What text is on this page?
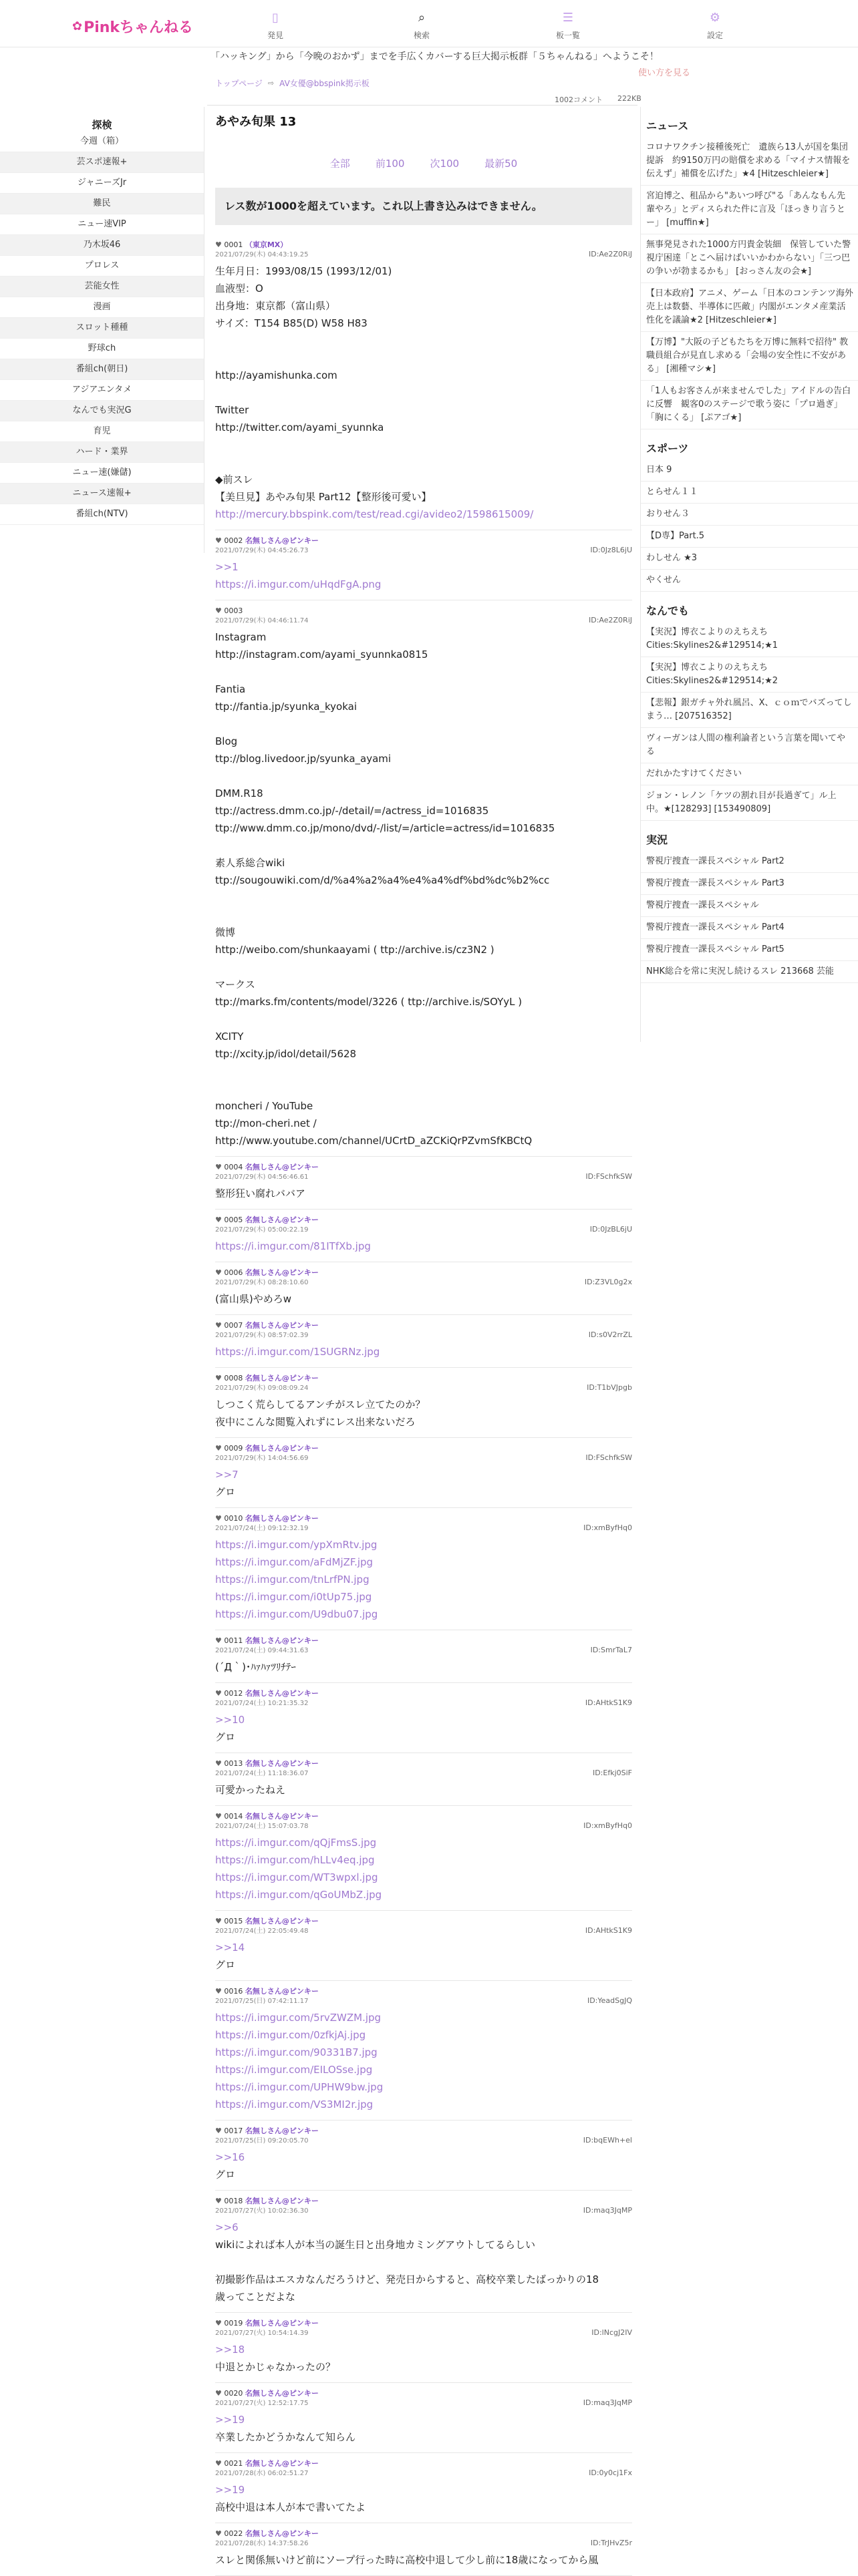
✿ Pinkちゃんねる
▯
発見
⌕
検索
☰
板一覧
⚙
設定
「ハッキング」から「今晩のおかず」までを手広くカバーする巨大掲示板群「５ちゃんねる」へようこそ！
使い方を見る
トップページ ⇨ AV女優@bbspink掲示板
1002コメント 222KB
探検
今週（箱）
芸スポ速報+
ジャニーズJr
難民
ニュー速VIP
乃木坂46
プロレス
芸能女性
漫画
スロット種種
野球ch
番組ch(朝日)
アジアエンタメ
なんでも実況G
育児
ハード・業界
ニュー速(嫌儲)
ニュース速報+
番組ch(NTV)
あやみ旬果 13
全部	前100	次100	最新50
レス数が1000を超えています。これ以上書き込みはできません。
♥ 0001 （東京MX）
2021/07/29(木) 04:43:19.25	ID:Ae2Z0RiJ
生年月日：1993/08/15 (1993/12/01)
血液型：O
出身地：東京都（富山県）
サイズ：T154 B85(D) W58 H83
http://ayamishunka.com
Twitter
http://twitter.com/ayami_syunnka
◆前スレ
【美旦見】あやみ旬果 Part12【整形後可愛い】
http://mercury.bbspink.com/test/read.cgi/avideo2/1598615009/
♥ 0002 名無しさん@ピンキー
2021/07/29(木) 04:45:26.73	ID:0Jz8L6jU
>>1
https://i.imgur.com/uHqdFgA.png
♥ 0003
2021/07/29(木) 04:46:11.74	ID:Ae2Z0RiJ
Instagram
http://instagram.com/ayami_syunnka0815
Fantia
ttp://fantia.jp/syunka_kyokai
Blog
ttp://blog.livedoor.jp/syunka_ayami
DMM.R18
ttp://actress.dmm.co.jp/-/detail/=/actress_id=1016835
ttp://www.dmm.co.jp/mono/dvd/-/list/=/article=actress/id=1016835
素人系総合wiki
ttp://sougouwiki.com/d/%a4%a2%a4%e4%a4%df%bd%dc%b2%cc
微博
http://weibo.com/shunkaayami ( ttp://archive.is/cz3N2 )
マークス
ttp://marks.fm/contents/model/3226 ( ttp://archive.is/SOYyL )
XCITY
ttp://xcity.jp/idol/detail/5628
moncheri / YouTube
ttp://mon-cheri.net /
http://www.youtube.com/channel/UCrtD_aZCKiQrPZvmSfKBCtQ
♥ 0004 名無しさん@ピンキー
2021/07/29(木) 04:56:46.61	ID:FSchfkSW
整形狂い腐れババア
♥ 0005 名無しさん@ピンキー
2021/07/29(木) 05:00:22.19	ID:0JzBL6jU
https://i.imgur.com/81ITfXb.jpg
♥ 0006 名無しさん@ピンキー
2021/07/29(木) 08:28:10.60	ID:Z3VL0g2x
(富山県)やめろw
♥ 0007 名無しさん@ピンキー
2021/07/29(木) 08:57:02.39	ID:s0V2rrZL
https://i.imgur.com/1SUGRNz.jpg
♥ 0008 名無しさん@ピンキー
2021/07/29(木) 09:08:09.24	ID:T1bVJpgb
しつこく荒らしてるアンチがスレ立てたのか？
夜中にこんな閲覧入れずにレス出来ないだろ
♥ 0009 名無しさん@ピンキー
2021/07/29(木) 14:04:56.69	ID:FSchfkSW
>>7
グロ
♥ 0010 名無しさん@ピンキー
2021/07/24(土) 09:12:32.19	ID:xmByfHq0
https://i.imgur.com/ypXmRtv.jpg
https://i.imgur.com/aFdMjZF.jpg
https://i.imgur.com/tnLrfPN.jpg
https://i.imgur.com/i0tUp75.jpg
https://i.imgur.com/U9dbu07.jpg
♥ 0011 名無しさん@ピンキー
2021/07/24(土) 09:44:31.63	ID:SmrTaL7
(´Д｀)･ﾊｧﾊｧﾂﾘﾁﾃｰ
♥ 0012 名無しさん@ピンキー
2021/07/24(土) 10:21:35.32	ID:AHtkS1K9
>>10
グロ
♥ 0013 名無しさん@ピンキー
2021/07/24(土) 11:18:36.07	ID:Efkj0SiF
可愛かったねえ
♥ 0014 名無しさん@ピンキー
2021/07/24(土) 15:07:03.78	ID:xmByfHq0
https://i.imgur.com/qQjFmsS.jpg
https://i.imgur.com/hLLv4eq.jpg
https://i.imgur.com/WT3wpxl.jpg
https://i.imgur.com/qGoUMbZ.jpg
♥ 0015 名無しさん@ピンキー
2021/07/24(土) 22:05:49.48	ID:AHtkS1K9
>>14
グロ
♥ 0016 名無しさん@ピンキー
2021/07/25(日) 07:42:11.17	ID:YeadSgJQ
https://i.imgur.com/5rvZWZM.jpg
https://i.imgur.com/0zfkjAj.jpg
https://i.imgur.com/90331B7.jpg
https://i.imgur.com/EILOSse.jpg
https://i.imgur.com/UPHW9bw.jpg
https://i.imgur.com/VS3MI2r.jpg
♥ 0017 名無しさん@ピンキー
2021/07/25(日) 09:20:05.70	ID:bqEWh+el
>>16
グロ
♥ 0018 名無しさん@ピンキー
2021/07/27(火) 10:02:36.30	ID:maq3JqMP
>>6
wikiによれば本人が本当の誕生日と出身地カミングアウトしてるらしい
初撮影作品はエスカなんだろうけど、発売日からすると、高校卒業したばっかりの18
歳ってことだよな
♥ 0019 名無しさん@ピンキー
2021/07/27(火) 10:54:14.39	ID:lNcgJ2IV
>>18
中退とかじゃなかったの？
♥ 0020 名無しさん@ピンキー
2021/07/27(火) 12:52:17.75	ID:maq3JqMP
>>19
卒業したかどうかなんて知らん
♥ 0021 名無しさん@ピンキー
2021/07/28(水) 06:02:51.27	ID:0y0cj1Fx
>>19
高校中退は本人が本で書いてたよ
♥ 0022 名無しさん@ピンキー
2021/07/28(水) 14:37:58.26	ID:TrJHvZ5r
スレと関係無いけど前にソープ行った時に高校中退して少し前に18歳になってから風
ニュース
コロナワクチン接種後死亡　遺族ら13人が国を集団提訴　約9150万円の賠償を求める「マイナス情報を伝えず」補償を広げた」★4 [Hitzeschleier★]
宮迫博之、租品から"あいつ呼び"る「あんなもん先輩やろ」とディスられた件に言及「ほっきり言うとー」 [muffin★]
無事発見された1000方円貴金装細　保管していた警視庁困達「とこへ届けばいいかわからない」「三つ巴の争いが勃まるかも」 [おっさん友の会★]
【日本政府】アニメ、ゲーム「日本のコンテンツ海外売上は数藝、半導体に匹敵」内閣がエンタメ産業活性化を議論★2 [Hitzeschleier★]
【万博】"大阪の子どもたちを万博に無料で招待" 教職員組合が見直し求める「会場の安全性に不安がある」 [湘種マシ★]
「1人もお客さんが来ませんでした」アイドルの告白に反響　観客0のステージで歌う姿に「プロ過ぎ」「胸にくる」 [ぷアゴ★]
スポーツ
日本 9
とらせん１１
おりせん３
【D専】Part.5
わしせん ★3
やくせん
なんでも
【実況】博衣こよりのえちえちCities:Skylines2&#129514;★1
【実況】博衣こよりのえちえちCities:Skylines2&#129514;★2
【悲報】銀ガチャ外れ風呂、X、ｃｏｍでバズってしまう… [207516352]
ヴィーガンは人間の権利論者という言葉を聞いてやる
だれかたすけてください
ジョン・レノン「ケツの割れ目が長過ぎて」ル上中。★[128293] [153490809]
実況
警視庁捜査一課長スペシャル Part2
警視庁捜査一課長スペシャル Part3
警視庁捜査一課長スペシャル
警視庁捜査一課長スペシャル Part4
警視庁捜査一課長スペシャル Part5
NHK総合を常に実況し続けるスレ 213668 芸能
